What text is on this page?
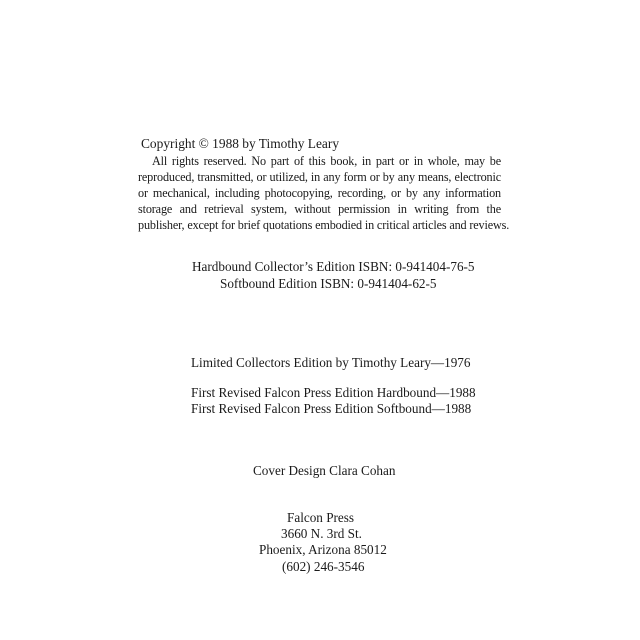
Copyright © 1988 by Timothy Leary
All rights reserved. No part of this book, in part or in whole, may be
reproduced, transmitted, or utilized, in any form or by any means, electronic
or mechanical, including photocopying, recording, or by any information
storage and retrieval system, without permission in writing from the
publisher, except for brief quotations embodied in critical articles and reviews.
Hardbound Collector’s Edition ISBN: 0-941404-76-5
Softbound Edition ISBN: 0-941404-62-5
Limited Collectors Edition by Timothy Leary—1976
First Revised Falcon Press Edition Hardbound—1988
First Revised Falcon Press Edition Softbound—1988
Cover Design Clara Cohan
Falcon Press
3660 N. 3rd St.
Phoenix, Arizona 85012
(602) 246-3546
